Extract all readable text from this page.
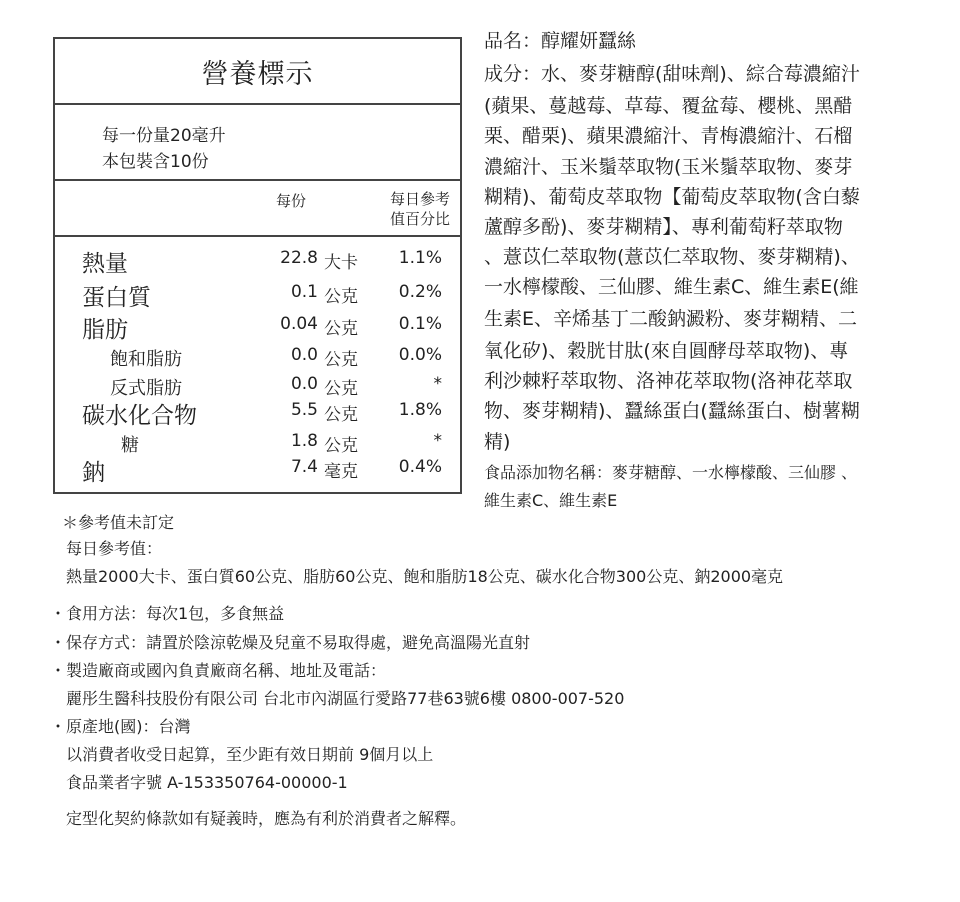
營養標示
每一份量20毫升
本包裝含10份
每份	每日參考
值百分比
熱量	22.8 大卡 1.1%
蛋白質	0.1 公克 0.2%
脂肪	0.04 公克 0.1%
飽和脂肪	0.0 公克 0.0%
反式脂肪	0.0 公克	*
碳水化合物	5.5 公克 1.8%
糖	1.8 公克	*
鈉	7.4 毫克 0.4%
品名：醇耀妍蠶絲
成分：水、麥芽糖醇(甜味劑)、綜合莓濃縮汁
(蘋果、蔓越莓、草莓、覆盆莓、櫻桃、黑醋
栗、醋栗)、蘋果濃縮汁、青梅濃縮汁、石榴
濃縮汁、玉米鬚萃取物(玉米鬚萃取物、麥芽
糊精)、葡萄皮萃取物【葡萄皮萃取物(含白藜
蘆醇多酚)、麥芽糊精】、專利葡萄籽萃取物
、薏苡仁萃取物(薏苡仁萃取物、麥芽糊精)、
一水檸檬酸、三仙膠、維生素C、維生素E(維
生素E、辛烯基丁二酸鈉澱粉、麥芽糊精、二
氧化矽)、穀胱甘肽(來自圓酵母萃取物)、專
利沙棘籽萃取物、洛神花萃取物(洛神花萃取
物、麥芽糊精)、蠶絲蛋白(蠶絲蛋白、樹薯糊
精)
食品添加物名稱：麥芽糖醇、一水檸檬酸、三仙膠 、
維生素C、維生素E
＊參考值未訂定
每日參考值：
熱量2000大卡、蛋白質60公克、脂肪60公克、飽和脂肪18公克、碳水化合物300公克、鈉2000毫克
・食用方法：每次1包，多食無益
・保存方式：請置於陰涼乾燥及兒童不易取得處，避免高溫陽光直射
・製造廠商或國內負責廠商名稱、地址及電話：
麗彤生醫科技股份有限公司 台北市內湖區行愛路77巷63號6樓 0800-007-520
・原產地(國)：台灣
以消費者收受日起算，至少距有效日期前 9個月以上
食品業者字號 A-153350764-00000-1
定型化契約條款如有疑義時，應為有利於消費者之解釋。
